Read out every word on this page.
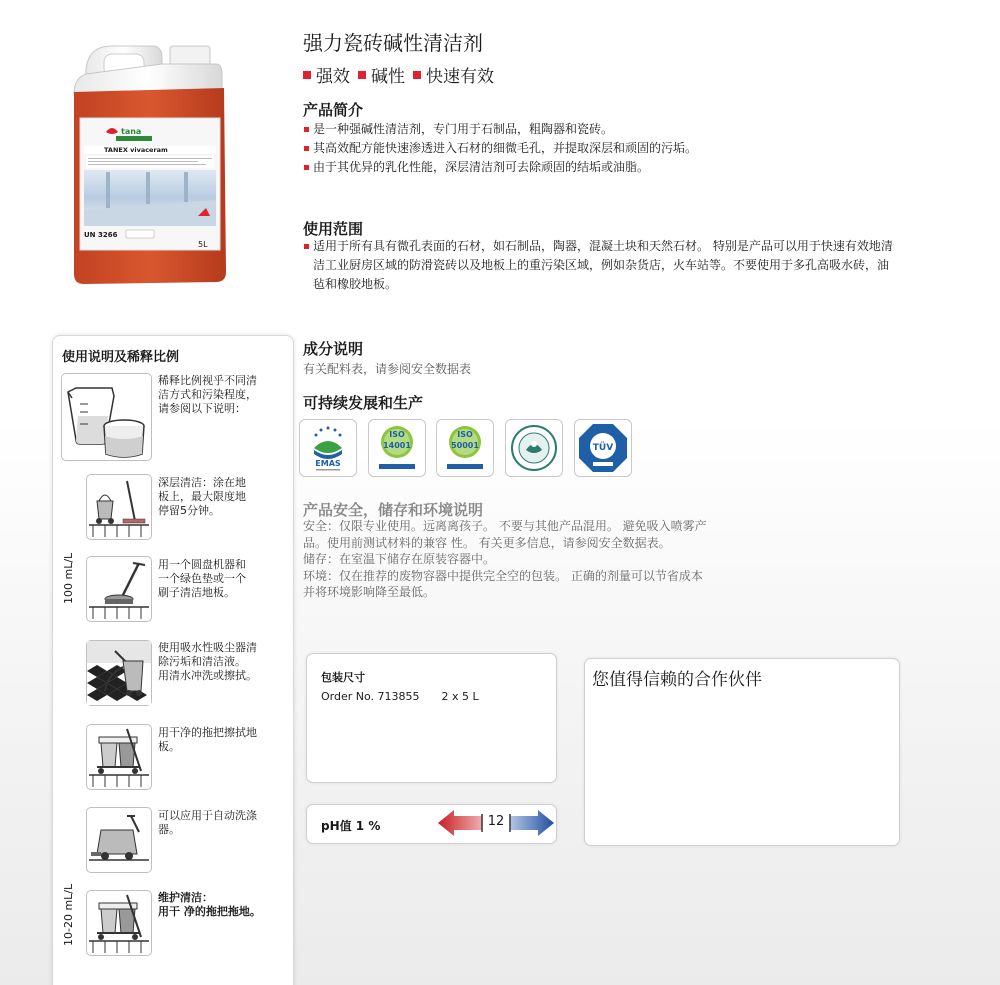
tana
TANEX vivaceram
UN 3266
5L
强力瓷砖碱性清洁剂
强效 碱性 快速有效
产品简介
是一种强碱性清洁剂，专门用于石制品，粗陶器和瓷砖。
其高效配方能快速渗透进入石材的细微毛孔，并提取深层和顽固的污垢。
由于其优异的乳化性能，深层清洁剂可去除顽固的结垢或油脂。
使用范围
适用于所有具有微孔表面的石材，如石制品，陶器，混凝土块和天然石材。 特别是产品可以用于快速有效地清
洁工业厨房区域的防滑瓷砖以及地板上的重污染区域，例如杂货店，火车站等。不要使用于多孔高吸水砖，油
毡和橡胶地板。
使用说明及稀释比例
稀释比例视乎不同清
洁方式和污染程度，
请参阅以下说明：
深层清洁：涂在地
板上，最大限度地
停留5分钟。
100 mL/L	用一个圆盘机器和
一个绿色垫或一个
刷子清洁地板。
使用吸水性吸尘器清
除污垢和清洁液。
用清水冲洗或擦拭。
用干净的拖把擦拭地
板。
可以应用于自动洗涤
器。
10-20 mL/L	维护清洁：
用干 净的拖把拖地。
成分说明
有关配料表，请参阅安全数据表
可持续发展和生产
EMAS
ISO
14001
ISO
50001	TÜV
产品安全，储存和环境说明
安全：仅限专业使用。远离离孩子。 不要与其他产品混用。 避免吸入喷雾产
品。使用前测试材料的兼容 性。 有关更多信息，请参阅安全数据表。
储存：在室温下储存在原装容器中。
环境：仅在推荐的废物容器中提供完全空的包装。 正确的剂量可以节省成本
并将环境影响降至最低。
包装尺寸
Order No. 713855 2 x 5 L
pH值 1 %	12
您值得信赖的合作伙伴
